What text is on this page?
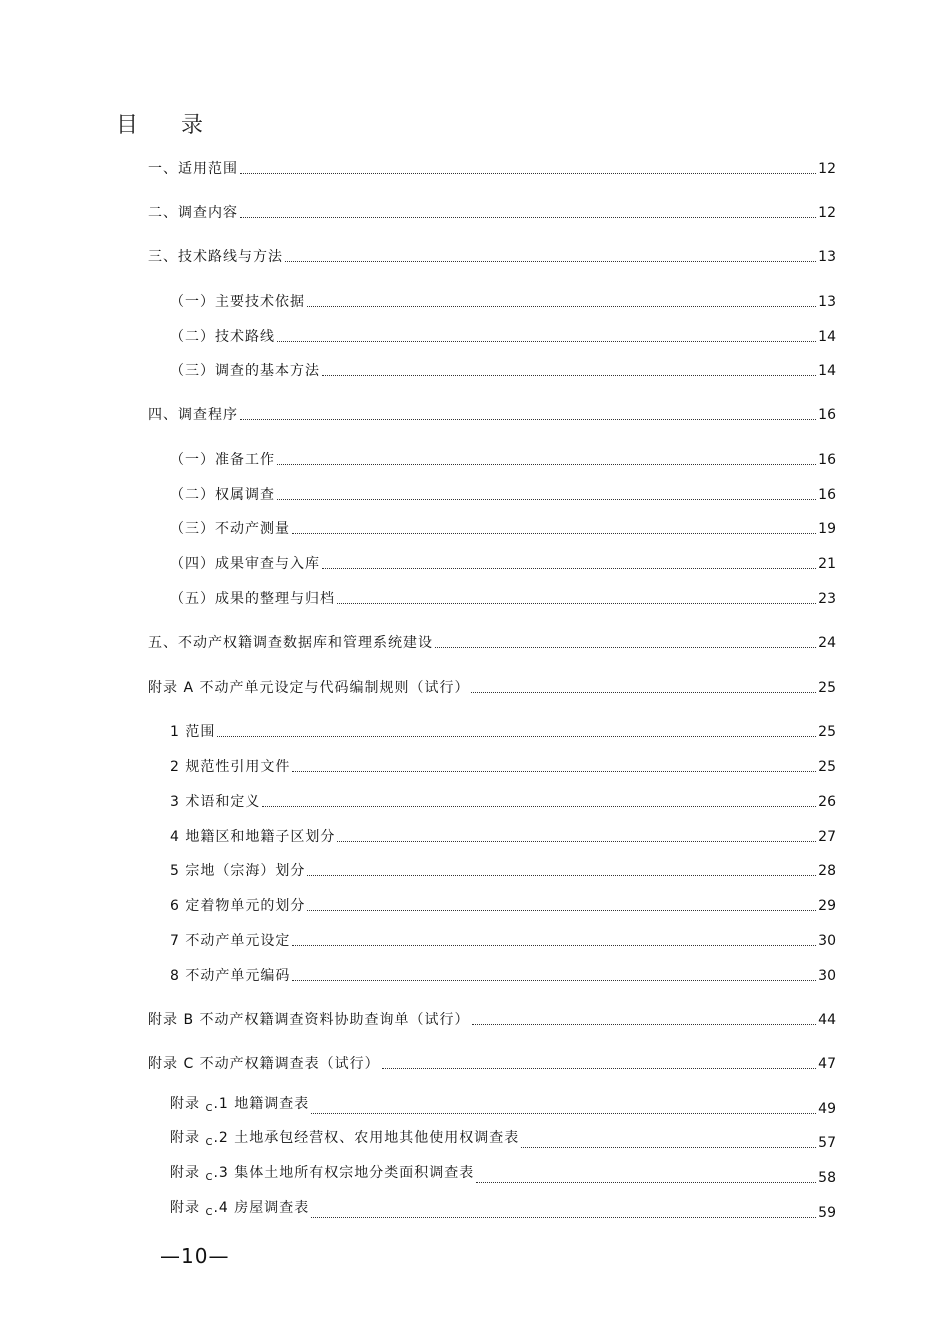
目 录
一、适用范围	12
二、调查内容	12
三、技术路线与方法	13
（一）主要技术依据	13
（二）技术路线	14
（三）调查的基本方法	14
四、调查程序	16
（一）准备工作	16
（二）权属调查	16
（三）不动产测量	19
（四）成果审查与入库	21
（五）成果的整理与归档	23
五、不动产权籍调查数据库和管理系统建设	24
附录 A 不动产单元设定与代码编制规则（试行）	25
1 范围	25
2 规范性引用文件	25
3 术语和定义	26
4 地籍区和地籍子区划分	27
5 宗地（宗海）划分	28
6 定着物单元的划分	29
7 不动产单元设定	30
8 不动产单元编码	30
附录 B 不动产权籍调查资料协助查询单（试行）	44
附录 C 不动产权籍调查表（试行）	47
附录 $_C$.1 地籍调查表	49
附录 $_C$.2 土地承包经营权、农用地其他使用权调查表	57
附录 $_C$.3 集体土地所有权宗地分类面积调查表	58
附录 $_C$.4 房屋调查表	59
—10—
